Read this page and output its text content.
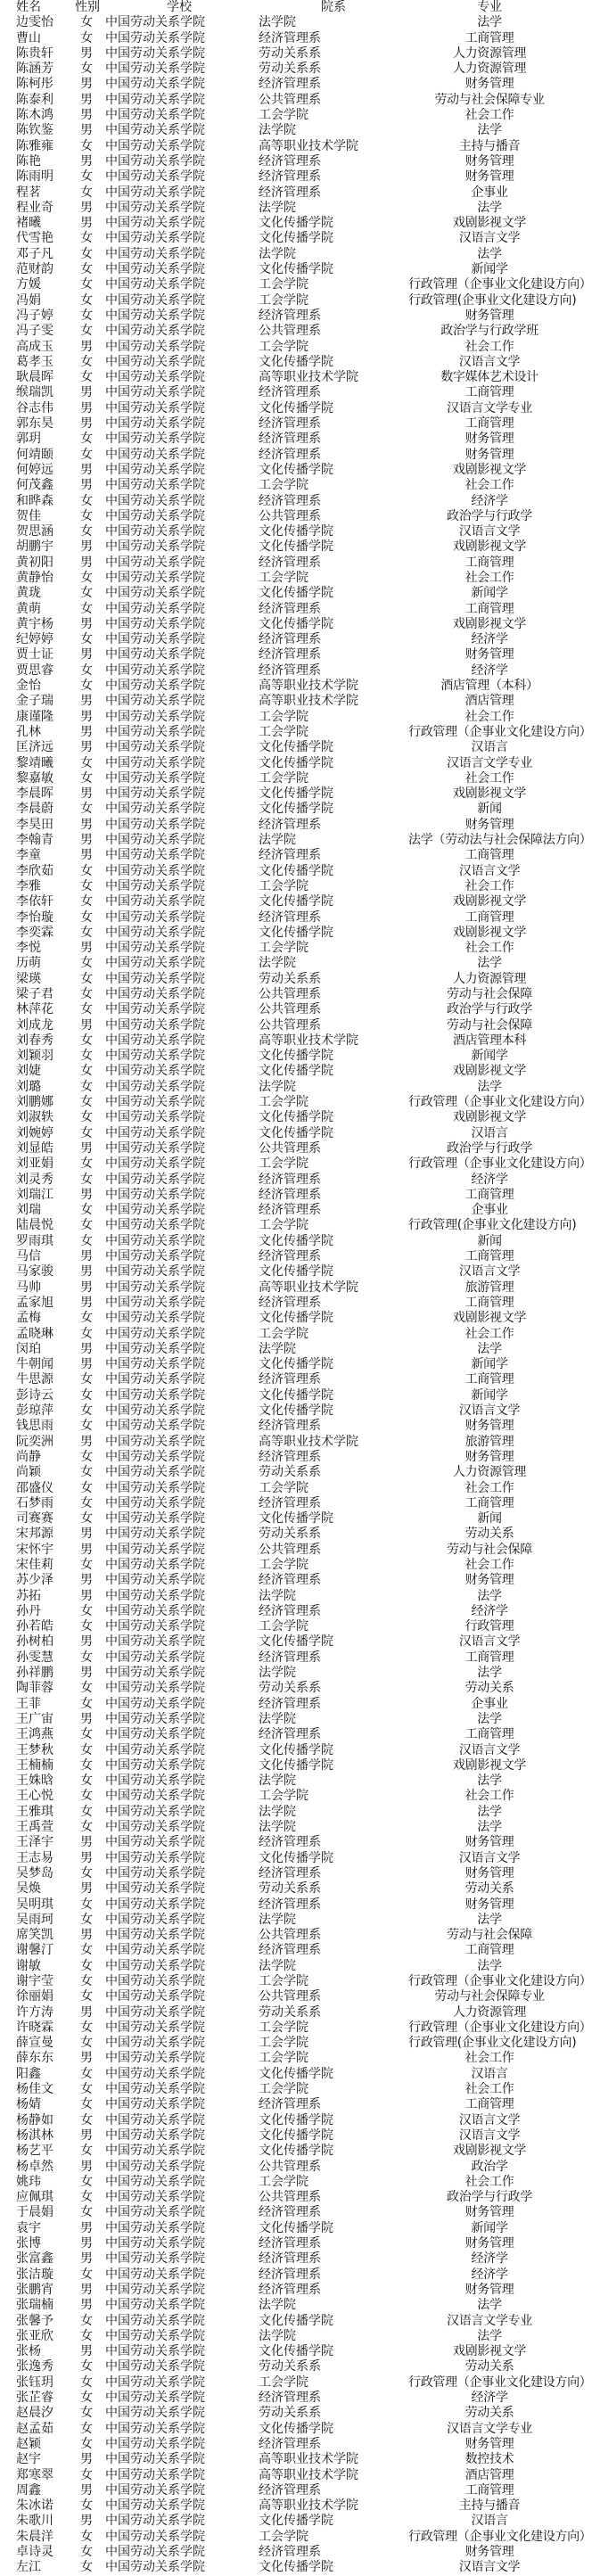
姓名	性别	学校	院系	专业
边雯怡	女	中国劳动关系学院	法学院	法学
曹山	女	中国劳动关系学院	经济管理系	工商管理
陈贵轩	男	中国劳动关系学院	劳动关系系	人力资源管理
陈涵芳	女	中国劳动关系学院	劳动关系系	人力资源管理
陈柯彤	男	中国劳动关系学院	经济管理系	财务管理
陈泰利	男	中国劳动关系学院	公共管理系	劳动与社会保障专业
陈木鸿	男	中国劳动关系学院	工会学院	社会工作
陈钦鉴	男	中国劳动关系学院	法学院	法学
陈雅雍	女	中国劳动关系学院	高等职业技术学院	主持与播音
陈艳	男	中国劳动关系学院	经济管理系	财务管理
陈雨明	女	中国劳动关系学院	经济管理系	财务管理
程茗	女	中国劳动关系学院	经济管理系	企事业
程业奇	男	中国劳动关系学院	法学院	法学
褚曦	男	中国劳动关系学院	文化传播学院	戏剧影视文学
代雪艳	女	中国劳动关系学院	文化传播学院	汉语言文学
邓子凡	女	中国劳动关系学院	法学院	法学
范财韵	女	中国劳动关系学院	文化传播学院	新闻学
方媛	女	中国劳动关系学院	工会学院	行政管理（企事业文化建设方向）
冯娟	女	中国劳动关系学院	工会学院	行政管理(企事业文化建设方向)
冯子婷	女	中国劳动关系学院	经济管理系	财务管理
冯子雯	女	中国劳动关系学院	公共管理系	政治学与行政学班
高成玉	男	中国劳动关系学院	工会学院	社会工作
葛孝玉	女	中国劳动关系学院	文化传播学院	汉语言文学
耿晨晖	女	中国劳动关系学院	高等职业技术学院	数字媒体艺术设计
缑瑞凯	男	中国劳动关系学院	经济管理系	工商管理
谷志伟	男	中国劳动关系学院	文化传播学院	汉语言文学专业
郭东昊	男	中国劳动关系学院	经济管理系	工商管理
郭玥	女	中国劳动关系学院	经济管理系	财务管理
何靖颐	女	中国劳动关系学院	经济管理系	财务管理
何婷远	男	中国劳动关系学院	文化传播学院	戏剧影视文学
何茂鑫	男	中国劳动关系学院	工会学院	社会工作
和晔森	女	中国劳动关系学院	经济管理系	经济学
贺佳	女	中国劳动关系学院	公共管理系	政治学与行政学
贺思涵	女	中国劳动关系学院	文化传播学院	汉语言文学
胡鹏宇	男	中国劳动关系学院	文化传播学院	戏剧影视文学
黄初阳	男	中国劳动关系学院	经济管理系	工商管理
黄静怡	女	中国劳动关系学院	工会学院	社会工作
黄珑	女	中国劳动关系学院	文化传播学院	新闻学
黄萌	女	中国劳动关系学院	经济管理系	工商管理
黄宇杨	男	中国劳动关系学院	文化传播学院	戏剧影视文学
纪婷婷	女	中国劳动关系学院	经济管理系	经济学
贾士证	男	中国劳动关系学院	经济管理系	财务管理
贾思睿	女	中国劳动关系学院	经济管理系	经济学
金怡	女	中国劳动关系学院	高等职业技术学院	酒店管理（本科）
金子瑞	男	中国劳动关系学院	高等职业技术学院	酒店管理
康谨隆	男	中国劳动关系学院	工会学院	社会工作
孔林	男	中国劳动关系学院	工会学院	行政管理（企事业文化建设方向）
匡济远	男	中国劳动关系学院	文化传播学院	汉语言
黎靖曦	女	中国劳动关系学院	文化传播学院	汉语言文学专业
黎嘉敏	女	中国劳动关系学院	工会学院	社会工作
李晨晖	男	中国劳动关系学院	文化传播学院	戏剧影视文学
李晨蔚	女	中国劳动关系学院	文化传播学院	新闻
李昊田	男	中国劳动关系学院	经济管理系	财务管理
李翰青	男	中国劳动关系学院	法学院	法学（劳动法与社会保障法方向）
李童	男	中国劳动关系学院	经济管理系	工商管理
李欣茹	女	中国劳动关系学院	文化传播学院	汉语言文学
李雅	女	中国劳动关系学院	工会学院	社会工作
李依轩	女	中国劳动关系学院	文化传播学院	戏剧影视文学
李怡璇	女	中国劳动关系学院	经济管理系	工商管理
李奕霖	女	中国劳动关系学院	文化传播学院	戏剧影视文学
李悦	男	中国劳动关系学院	工会学院	社会工作
历萌	女	中国劳动关系学院	法学院	法学
梁瑛	女	中国劳动关系学院	劳动关系系	人力资源管理
梁子君	女	中国劳动关系学院	公共管理系	劳动与社会保障
林萍花	女	中国劳动关系学院	公共管理系	政治学与行政学
刘成龙	男	中国劳动关系学院	公共管理系	劳动与社会保障
刘春秀	女	中国劳动关系学院	高等职业技术学院	酒店管理本科
刘颖羽	女	中国劳动关系学院	文化传播学院	新闻学
刘婕	女	中国劳动关系学院	文化传播学院	戏剧影视文学
刘璐	女	中国劳动关系学院	法学院	法学
刘鹏娜	女	中国劳动关系学院	工会学院	行政管理（企事业文化建设方向）
刘淑轶	女	中国劳动关系学院	文化传播学院	戏剧影视文学
刘婉婷	女	中国劳动关系学院	文化传播学院	汉语言
刘显皓	男	中国劳动关系学院	公共管理系	政治学与行政学
刘亚娟	女	中国劳动关系学院	工会学院	行政管理（企事业文化建设方向）
刘灵秀	女	中国劳动关系学院	经济管理系	经济学
刘瑞江	男	中国劳动关系学院	经济管理系	工商管理
刘瑞	女	中国劳动关系学院	经济管理系	企事业
陆晨悦	女	中国劳动关系学院	工会学院	行政管理(企事业文化建设方向)
罗雨琪	女	中国劳动关系学院	文化传播学院	新闻
马信	男	中国劳动关系学院	经济管理系	工商管理
马家骏	男	中国劳动关系学院	文化传播学院	汉语言文学
马帅	男	中国劳动关系学院	高等职业技术学院	旅游管理
孟家旭	男	中国劳动关系学院	经济管理系	工商管理
孟梅	女	中国劳动关系学院	文化传播学院	戏剧影视文学
孟晓琳	女	中国劳动关系学院	工会学院	社会工作
闵珀	男	中国劳动关系学院	法学院	法学
牛朝闻	男	中国劳动关系学院	文化传播学院	新闻学
牛思源	女	中国劳动关系学院	经济管理系	工商管理
彭诗云	女	中国劳动关系学院	文化传播学院	新闻学
彭琼萍	女	中国劳动关系学院	文化传播学院	汉语言文学
钱思雨	女	中国劳动关系学院	经济管理系	财务管理
阮奕洲	男	中国劳动关系学院	高等职业技术学院	旅游管理
尚静	女	中国劳动关系学院	经济管理系	财务管理
尚颖	女	中国劳动关系学院	劳动关系系	人力资源管理
邵盛仪	女	中国劳动关系学院	工会学院	社会工作
石梦雨	女	中国劳动关系学院	经济管理系	工商管理
司赛赛	女	中国劳动关系学院	文化传播学院	新闻
宋邦源	男	中国劳动关系学院	劳动关系系	劳动关系
宋怀宇	男	中国劳动关系学院	公共管理系	劳动与社会保障
宋佳莉	女	中国劳动关系学院	工会学院	社会工作
苏少泽	男	中国劳动关系学院	经济管理系	财务管理
苏拓	男	中国劳动关系学院	法学院	法学
孙丹	女	中国劳动关系学院	经济管理系	经济学
孙若皓	女	中国劳动关系学院	工会学院	行政管理
孙树柏	男	中国劳动关系学院	文化传播学院	汉语言文学
孙雯慧	女	中国劳动关系学院	经济管理系	工商管理
孙祥鹏	男	中国劳动关系学院	法学院	法学
陶菲蓉	女	中国劳动关系学院	劳动关系系	劳动关系
王菲	女	中国劳动关系学院	经济管理系	企事业
王广宙	男	中国劳动关系学院	法学院	法学
王鸿燕	女	中国劳动关系学院	经济管理系	工商管理
王梦秋	女	中国劳动关系学院	文化传播学院	汉语言文学
王楠楠	女	中国劳动关系学院	文化传播学院	戏剧影视文学
王姝晗	女	中国劳动关系学院	法学院	法学
王心悦	女	中国劳动关系学院	工会学院	社会工作
王雅琪	女	中国劳动关系学院	法学院	法学
王禹萱	女	中国劳动关系学院	法学院	法学
王泽宇	男	中国劳动关系学院	经济管理系	财务管理
王志易	男	中国劳动关系学院	文化传播学院	汉语言文学
吴梦岛	女	中国劳动关系学院	经济管理系	财务管理
吴焕	男	中国劳动关系学院	劳动关系系	劳动关系
吴明琪	女	中国劳动关系学院	经济管理系	财务管理
吴雨珂	女	中国劳动关系学院	法学院	法学
席笑凯	男	中国劳动关系学院	公共管理系	劳动与社会保障
谢馨汀	女	中国劳动关系学院	经济管理系	工商管理
谢敏	女	中国劳动关系学院	法学院	法学
谢宇莹	女	中国劳动关系学院	工会学院	行政管理（企事业文化建设方向）
徐丽娟	女	中国劳动关系学院	公共管理系	劳动与社会保障专业
许方涛	男	中国劳动关系学院	劳动关系系	人力资源管理
许晓霖	女	中国劳动关系学院	工会学院	行政管理（企事业文化建设方向）
薛宣曼	女	中国劳动关系学院	工会学院	行政管理(企事业文化建设方向)
薛东东	男	中国劳动关系学院	工会学院	社会工作
阳鑫	女	中国劳动关系学院	文化传播学院	汉语言
杨佳文	女	中国劳动关系学院	工会学院	社会工作
杨婧	女	中国劳动关系学院	经济管理系	工商管理
杨静如	女	中国劳动关系学院	文化传播学院	汉语言文学
杨淇林	男	中国劳动关系学院	文化传播学院	汉语言文学
杨艺平	女	中国劳动关系学院	文化传播学院	戏剧影视文学
杨卓然	男	中国劳动关系学院	公共管理系	政治学
姚玮	女	中国劳动关系学院	工会学院	社会工作
应佩琪	女	中国劳动关系学院	公共管理系	政治学与行政学
于晨娟	女	中国劳动关系学院	经济管理系	财务管理
袁宇	男	中国劳动关系学院	文化传播学院	新闻学
张博	男	中国劳动关系学院	经济管理系	财务管理
张富鑫	男	中国劳动关系学院	经济管理系	经济学
张洁璇	女	中国劳动关系学院	经济管理系	经济学
张鹏宵	男	中国劳动关系学院	经济管理系	财务管理
张瑞楠	男	中国劳动关系学院	法学院	法学
张馨予	女	中国劳动关系学院	文化传播学院	汉语言文学专业
张亚欣	女	中国劳动关系学院	法学院	法学
张杨	男	中国劳动关系学院	文化传播学院	戏剧影视文学
张逸秀	女	中国劳动关系学院	劳动关系系	劳动关系
张钰玥	女	中国劳动关系学院	工会学院	行政管理（企事业文化建设方向）
张芷睿	女	中国劳动关系学院	经济管理系	经济学
赵晨汐	女	中国劳动关系学院	劳动关系系	劳动关系
赵孟茹	女	中国劳动关系学院	文化传播学院	汉语言文学专业
赵颖	女	中国劳动关系学院	经济管理系	财务管理
赵宇	男	中国劳动关系学院	高等职业技术学院	数控技术
郑寒翠	女	中国劳动关系学院	高等职业技术学院	酒店管理
周鑫	男	中国劳动关系学院	经济管理系	工商管理
朱冰诺	女	中国劳动关系学院	高等职业技术学院	主持与播音
朱歌川	男	中国劳动关系学院	文化传播学院	汉语言
朱晨洋	女	中国劳动关系学院	工会学院	行政管理（企事业文化建设方向）
卓诗灵	女	中国劳动关系学院	经济管理系	财务管理
左江	女	中国劳动关系学院	文化传播学院	汉语言文学
